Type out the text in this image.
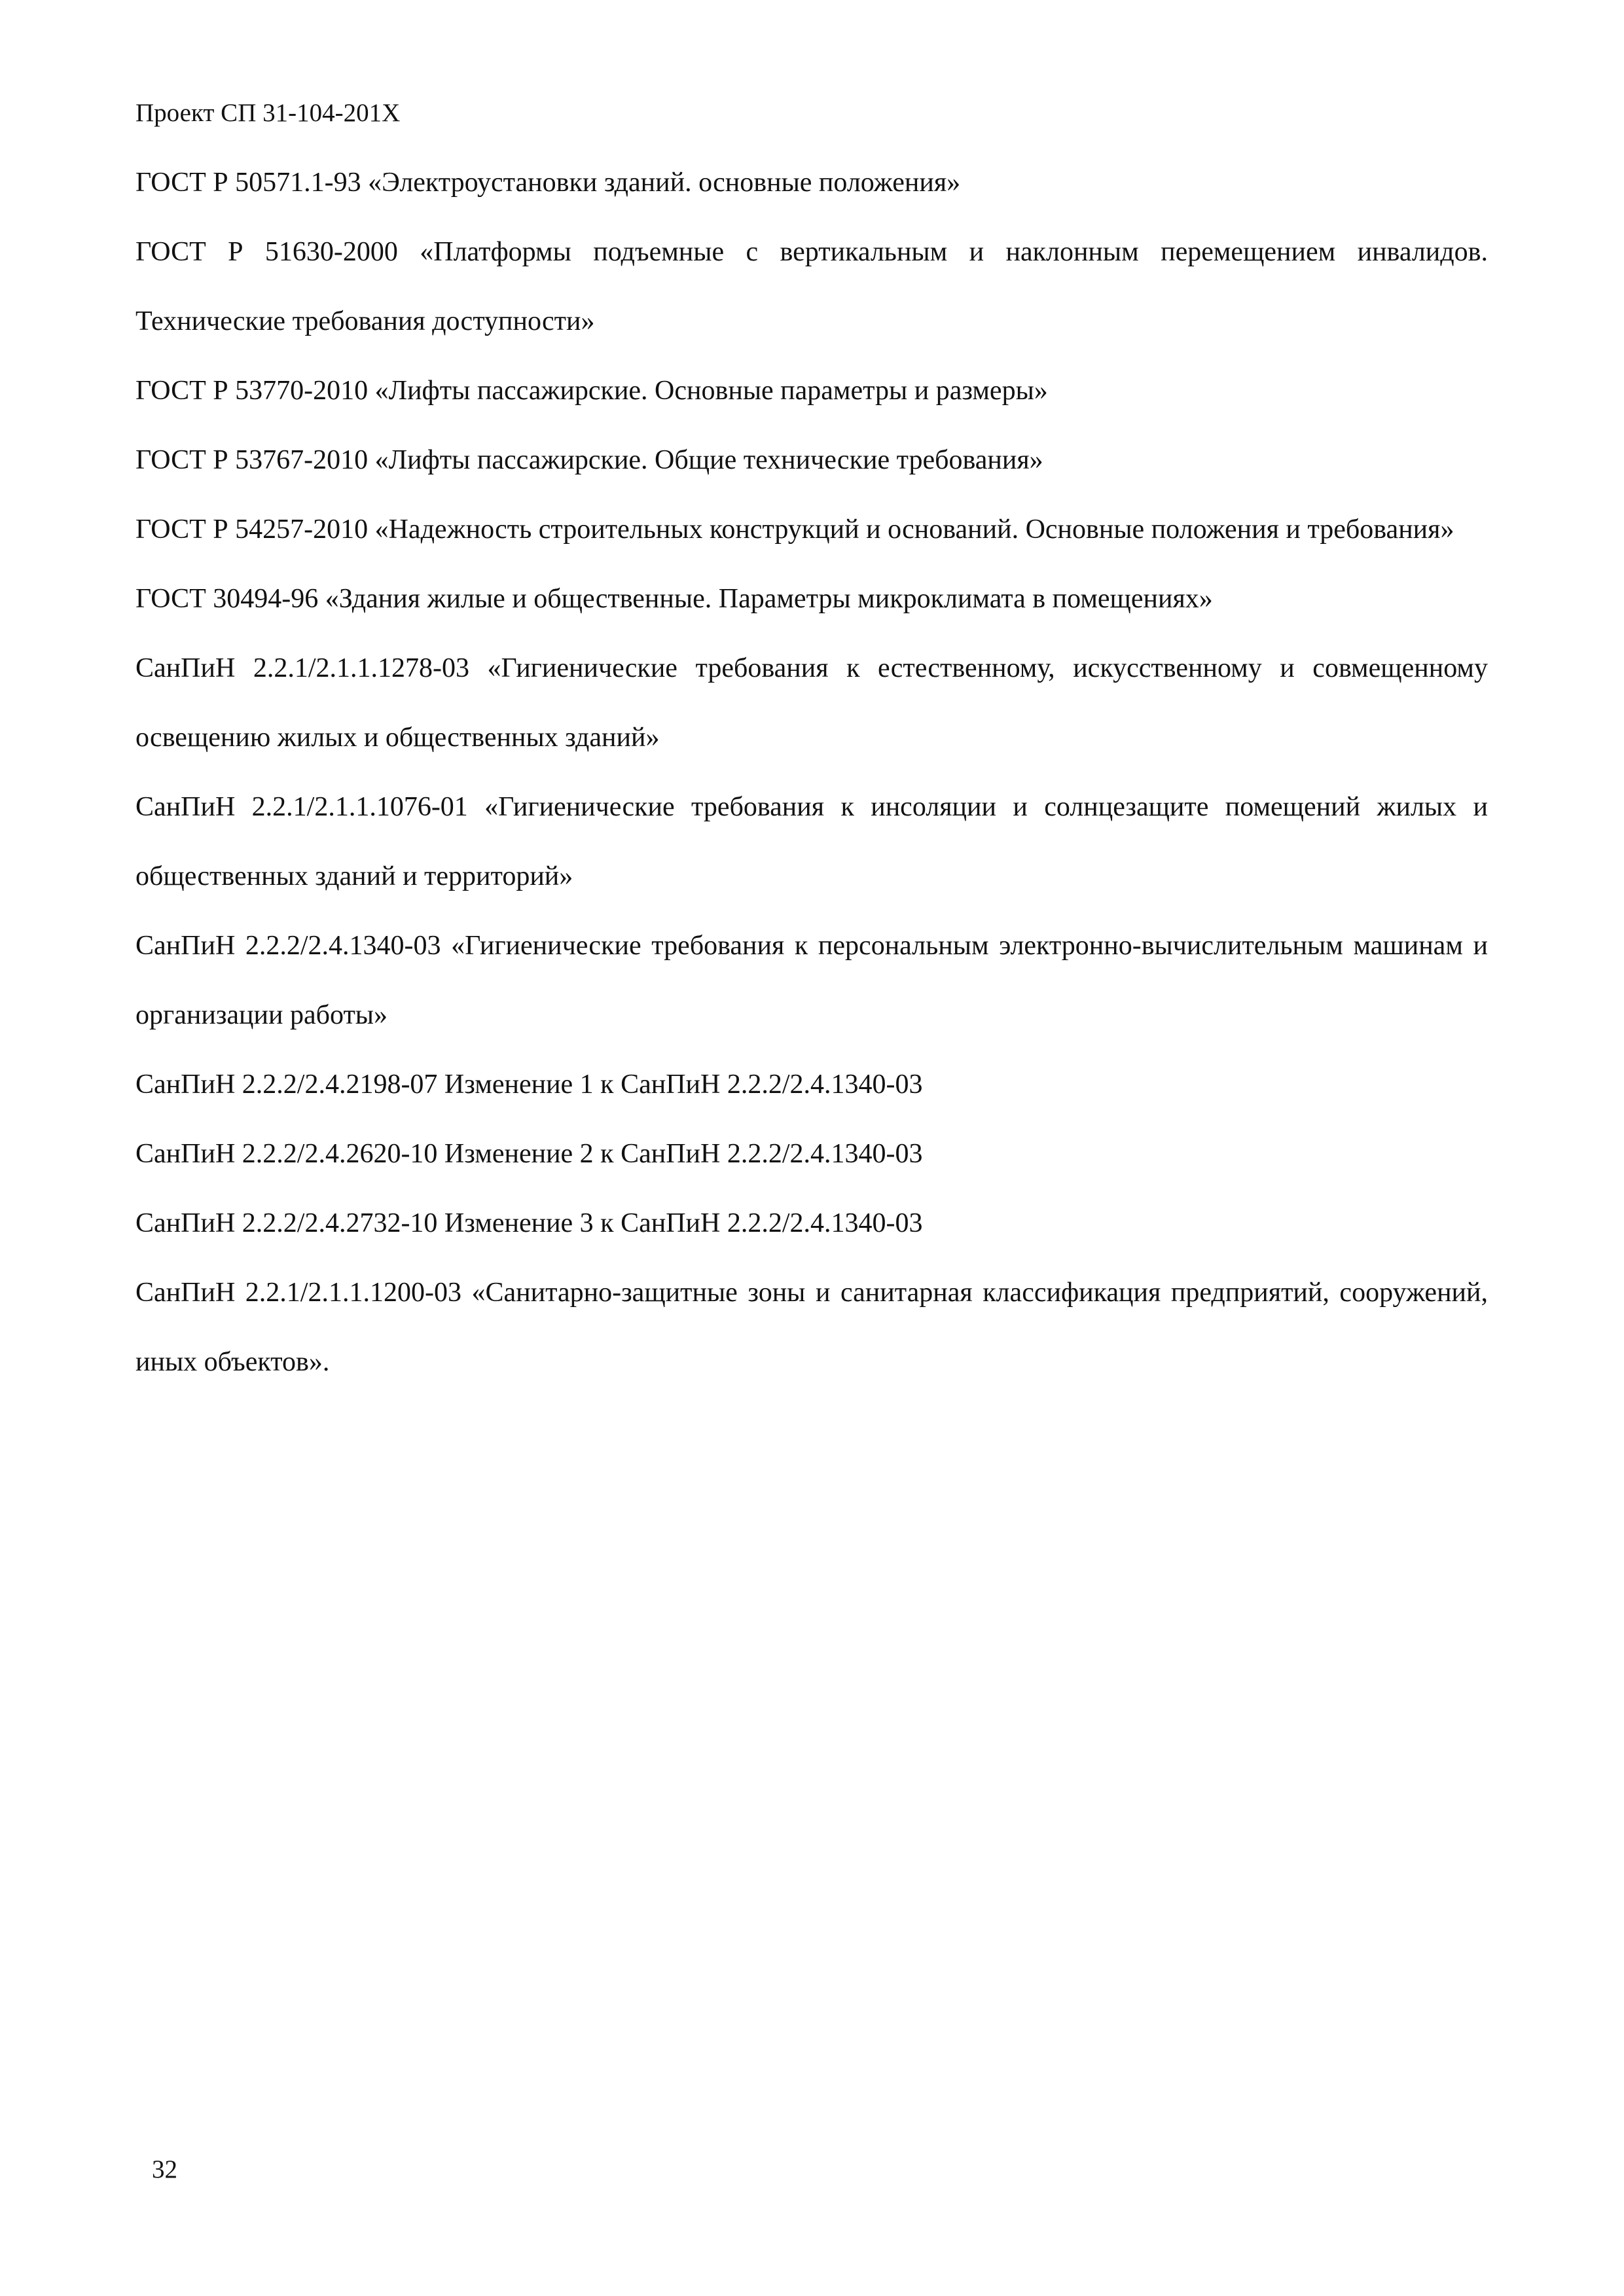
Проект СП 31-104-201Х
ГОСТ Р 50571.1-93 «Электроустановки зданий. основные положения»
ГОСТ Р 51630-2000 «Платформы подъемные с вертикальным и наклонным перемещением инвалидов. Технические требования доступности»
ГОСТ Р 53770-2010 «Лифты пассажирские. Основные параметры и размеры»
ГОСТ Р 53767-2010 «Лифты пассажирские. Общие технические требования»
ГОСТ Р 54257-2010 «Надежность строительных конструкций и оснований. Основные положения и требования»
ГОСТ 30494-96 «Здания жилые и общественные. Параметры микроклимата в помещениях»
СанПиН 2.2.1/2.1.1.1278-03 «Гигиенические требования к естественному, искусственному и совмещенному освещению жилых и общественных зданий»
СанПиН 2.2.1/2.1.1.1076-01 «Гигиенические требования к инсоляции и солнцезащите помещений жилых и общественных зданий и территорий»
СанПиН 2.2.2/2.4.1340-03 «Гигиенические требования к персональным электронно-вычислительным машинам и организации работы»
СанПиН 2.2.2/2.4.2198-07 Изменение 1 к СанПиН 2.2.2/2.4.1340-03
СанПиН 2.2.2/2.4.2620-10 Изменение 2 к СанПиН 2.2.2/2.4.1340-03
СанПиН 2.2.2/2.4.2732-10 Изменение 3 к СанПиН 2.2.2/2.4.1340-03
СанПиН 2.2.1/2.1.1.1200-03 «Санитарно-защитные зоны и санитарная классификация предприятий, сооружений, иных объектов».
32
